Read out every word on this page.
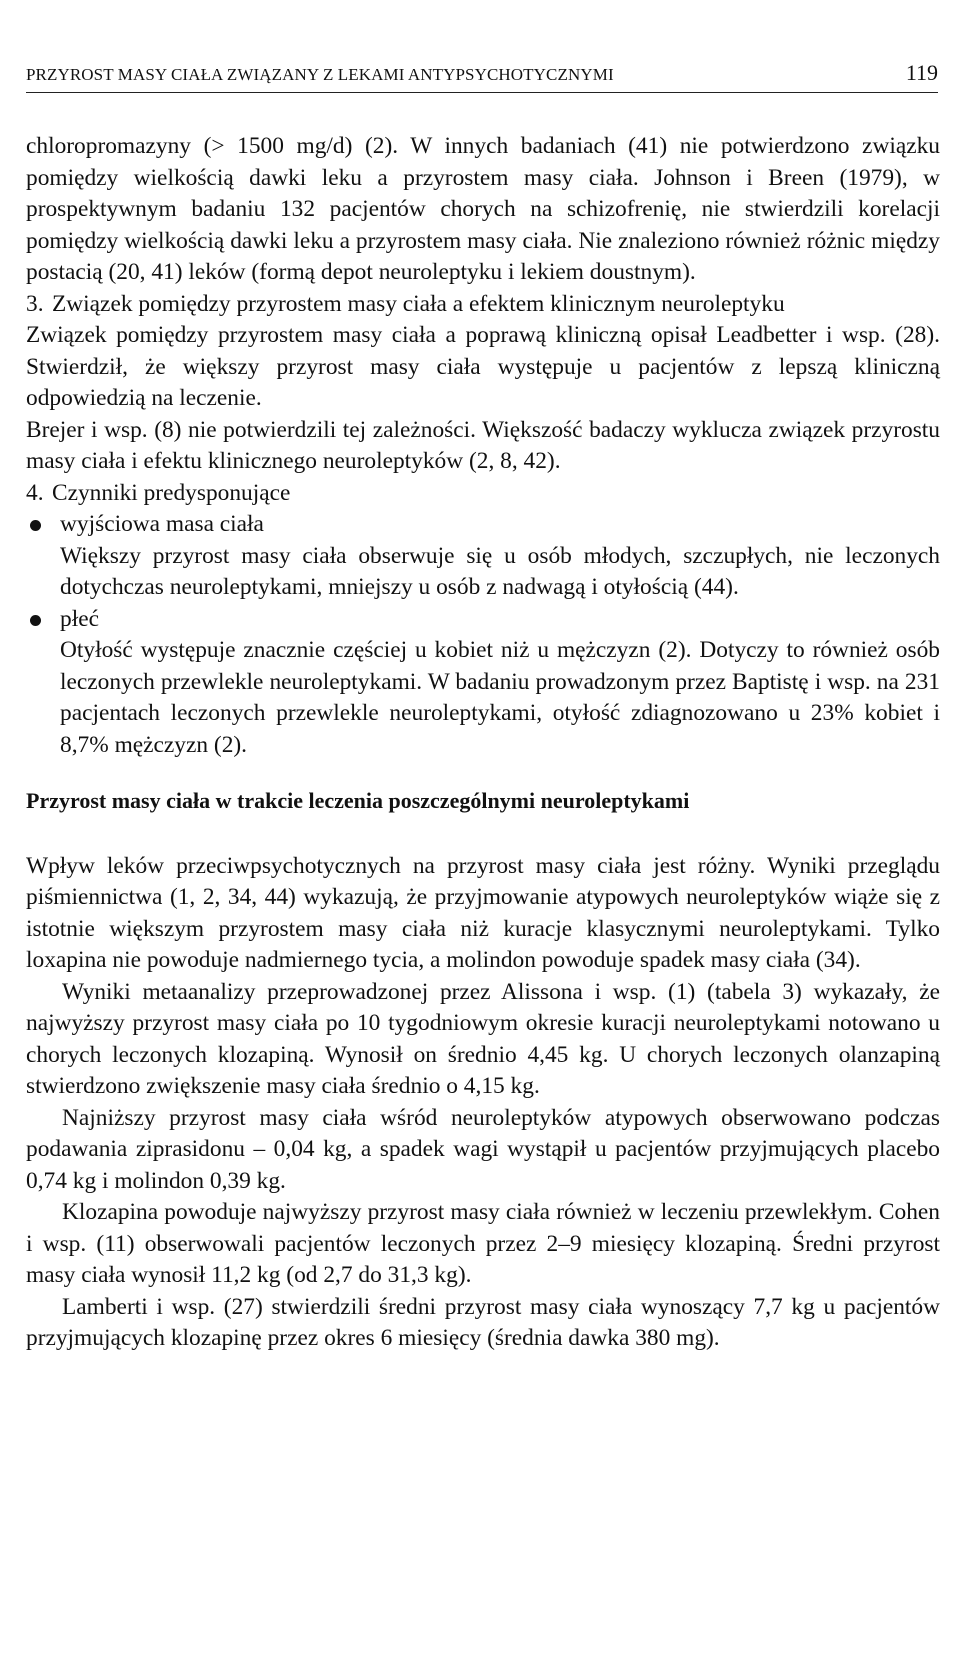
PRZYROST MASY CIAŁA ZWIĄZANY Z LEKAMI ANTYPSYCHOTYCZNYMI	119

chloropromazyny (> 1500 mg/d) (2). W innych badaniach (41) nie potwierdzono związku pomiędzy wielkością dawki leku a przyrostem masy ciała. Johnson i Breen (1979), w prospektywnym badaniu 132 pacjentów chorych na schizofrenię, nie stwierdzili korelacji pomiędzy wielkością dawki leku a przyrostem masy ciała. Nie znaleziono również różnic między postacią (20, 41) leków (formą depot neuroleptyku i lekiem doustnym).

3. Związek pomiędzy przyrostem masy ciała a efektem klinicznym neuroleptyku

Związek pomiędzy przyrostem masy ciała a poprawą kliniczną opisał Leadbetter i wsp. (28). Stwierdził, że większy przyrost masy ciała występuje u pacjentów z lepszą kliniczną odpowiedzią na leczenie.

Brejer i wsp. (8) nie potwierdzili tej zależności. Większość badaczy wyklucza związek przyrostu masy ciała i efektu klinicznego neuroleptyków (2, 8, 42).

4. Czynniki predysponujące
wyjściowa masa ciała

Większy przyrost masy ciała obserwuje się u osób młodych, szczupłych, nie leczonych dotychczas neuroleptykami, mniejszy u osób z nadwagą i otyłością (44).

płeć

Otyłość występuje znacznie częściej u kobiet niż u mężczyzn (2). Dotyczy to również osób leczonych przewlekle neuroleptykami. W badaniu prowadzonym przez Baptistę i wsp. na 231 pacjentach leczonych przewlekle neuroleptykami, otyłość zdiagnozowano u 23% kobiet i 8,7% mężczyzn (2).

Przyrost masy ciała w trakcie leczenia poszczególnymi neuroleptykami

Wpływ leków przeciwpsychotycznych na przyrost masy ciała jest różny. Wyniki przeglądu piśmiennictwa (1, 2, 34, 44) wykazują, że przyjmowanie atypowych neuroleptyków wiąże się z istotnie większym przyrostem masy ciała niż kuracje klasycznymi neuroleptykami. Tylko loxapina nie powoduje nadmiernego tycia, a molindon powoduje spadek masy ciała (34).

Wyniki metaanalizy przeprowadzonej przez Alissona i wsp. (1) (tabela 3) wykazały, że najwyższy przyrost masy ciała po 10 tygodniowym okresie kuracji neuroleptykami notowano u chorych leczonych klozapiną. Wynosił on średnio 4,45 kg. U chorych leczonych olanzapiną stwierdzono zwiększenie masy ciała średnio o 4,15 kg.

Najniższy przyrost masy ciała wśród neuroleptyków atypowych obserwowano podczas podawania ziprasidonu – 0,04 kg, a spadek wagi wystąpił u pacjentów przyjmujących placebo 0,74 kg i molindon 0,39 kg.

Klozapina powoduje najwyższy przyrost masy ciała również w leczeniu przewlekłym. Cohen i wsp. (11) obserwowali pacjentów leczonych przez 2–9 miesięcy klozapiną. Średni przyrost masy ciała wynosił 11,2 kg (od 2,7 do 31,3 kg).

Lamberti i wsp. (27) stwierdzili średni przyrost masy ciała wynoszący 7,7 kg u pacjentów przyjmujących klozapinę przez okres 6 miesięcy (średnia dawka 380 mg).
